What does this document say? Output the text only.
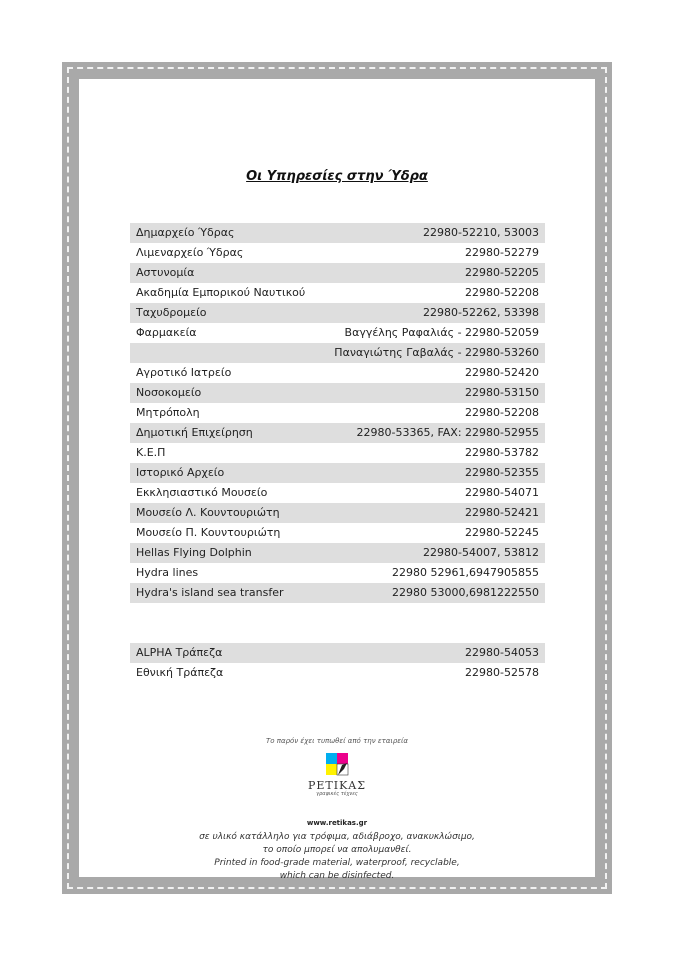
Οι Υπηρεσίες στην Ύδρα
Δημαρχείο Ύδρας	22980-52210, 53003
Λιμεναρχείο Ύδρας	22980-52279
Αστυνομία	22980-52205
Ακαδημία Εμπορικού Ναυτικού	22980-52208
Ταχυδρομείο	22980-52262, 53398
Φαρμακεία	Βαγγέλης Ραφαλιάς - 22980-52059
	Παναγιώτης Γαβαλάς - 22980-53260
Αγροτικό Ιατρείο	22980-52420
Νοσοκομείο	22980-53150
Μητρόπολη	22980-52208
Δημοτική Επιχείρηση	22980-53365, FAX: 22980-52955
Κ.Ε.Π	22980-53782
Ιστορικό Αρχείο	22980-52355
Εκκλησιαστικό Μουσείο	22980-54071
Μουσείο Λ. Κουντουριώτη	22980-52421
Μουσείο Π. Κουντουριώτη	22980-52245
Hellas Flying Dolphin	22980-54007, 53812
Hydra lines	22980 52961,6947905855
Hydra's island sea transfer	22980 53000,6981222550
ALPHA Τράπεζα	22980-54053
Εθνική Τράπεζα	22980-52578
Το παρόν έχει τυπωθεί από την εταιρεία
ΡΕΤΙΚΑΣ
γραφικές τέχνες
www.retikas.gr
σε υλικό κατάλληλο για τρόφιμα, αδιάβροχο, ανακυκλώσιμο,
το οποίο μπορεί να απολυμανθεί.
Printed in food-grade material, waterproof, recyclable,
which can be disinfected.
